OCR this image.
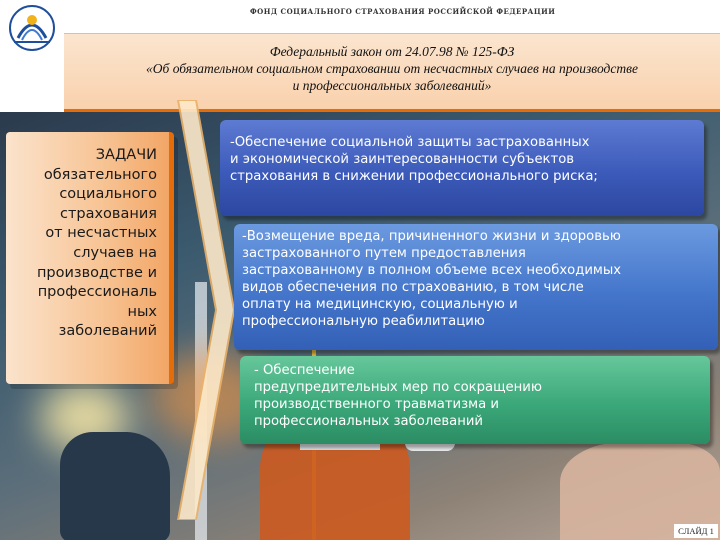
ФОНД СОЦИАЛЬНОГО СТРАХОВАНИЯ РОССИЙСКОЙ ФЕДЕРАЦИИ
Федеральный закон от 24.07.98 № 125-ФЗ
«Об обязательном социальном страховании от несчастных случаев на производстве
и профессиональных заболеваний»
ЗАДАЧИ
обязательного
социального
страхования
от несчастных
случаев на
производстве и
профессиональ
ных
заболеваний
-Обеспечение социальной защиты застрахованных
и экономической заинтересованности субъектов
страхования в снижении профессионального риска;
-Возмещение вреда, причиненного жизни и здоровью
застрахованного путем предоставления
застрахованному в полном объеме всех необходимых
видов обеспечения по страхованию, в том числе
оплату на медицинскую, социальную и
профессиональную реабилитацию
- Обеспечение
предупредительных мер по сокращению
производственного травматизма и
профессиональных заболеваний
СЛАЙД 1
